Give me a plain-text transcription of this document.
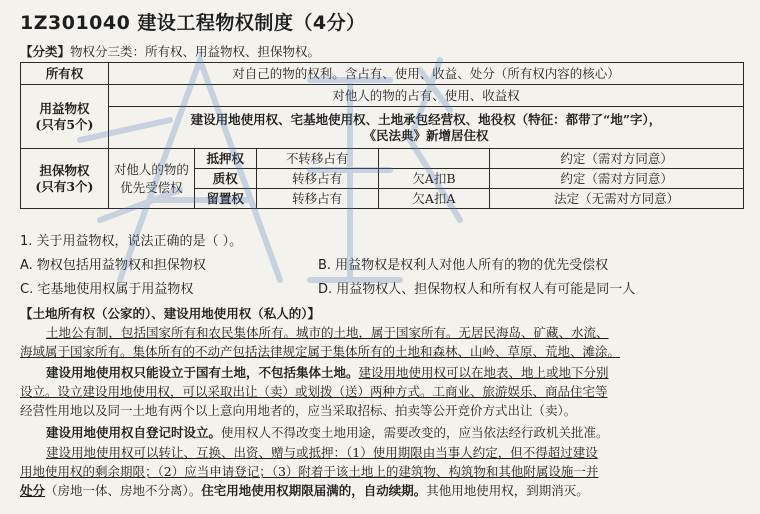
1Z301040 建设工程物权制度（4分）
【分类】物权分三类：所有权、用益物权、担保物权。
所有权	对自己的物的权利。含占有、使用、收益、处分（所有权内容的核心）				

用益物权
(只有5个)	对他人的物的占有、使用、收益权				

	建设用地使用权、宅基地使用权、土地承包经营权、地役权（特征：都带了“地”字），
《民法典》新增居住权				

担保物权
(只有3个)	对他人的物的优先受偿权	抵押权	不转移占有		约定（需对方同意）
		质权	转移占有	欠A扣B	约定（需对方同意）
		留置权	转移占有	欠A扣A	法定（无需对方同意）
1. 关于用益物权，说法正确的是（ ）。
A. 物权包括用益物权和担保物权	B. 用益物权是权利人对他人所有的物的优先受偿权
C. 宅基地使用权属于用益物权	D. 用益物权人、担保物权人和所有权人有可能是同一人
【土地所有权（公家的）、建设用地使用权（私人的）】

土地公有制，包括国家所有和农民集体所有。城市的土地，属于国家所有。无居民海岛、矿藏、水流、

海域属于国家所有。集体所有的不动产包括法律规定属于集体所有的土地和森林、山岭、草原、荒地、滩涂。

建设用地使用权只能设立于国有土地，不包括集体土地。建设用地使用权可以在地表、地上或地下分别

设立。设立建设用地使用权，可以采取出让（卖）或划拨（送）两种方式。工商业、旅游娱乐、商品住宅等

经营性用地以及同一土地有两个以上意向用地者的，应当采取招标、拍卖等公开竞价方式出让（卖）。

建设用地使用权自登记时设立。使用权人不得改变土地用途，需要改变的，应当依法经行政机关批准。

建设用地使用权可以转让、互换、出资、赠与或抵押：（1）使用期限由当事人约定，但不得超过建设

用地使用权的剩余期限；（2）应当申请登记；（3）附着于该土地上的建筑物、构筑物和其他附属设施一并

处分（房地一体、房地不分离）。住宅用地使用权期限届满的，自动续期。其他用地使用权，到期消灭。
